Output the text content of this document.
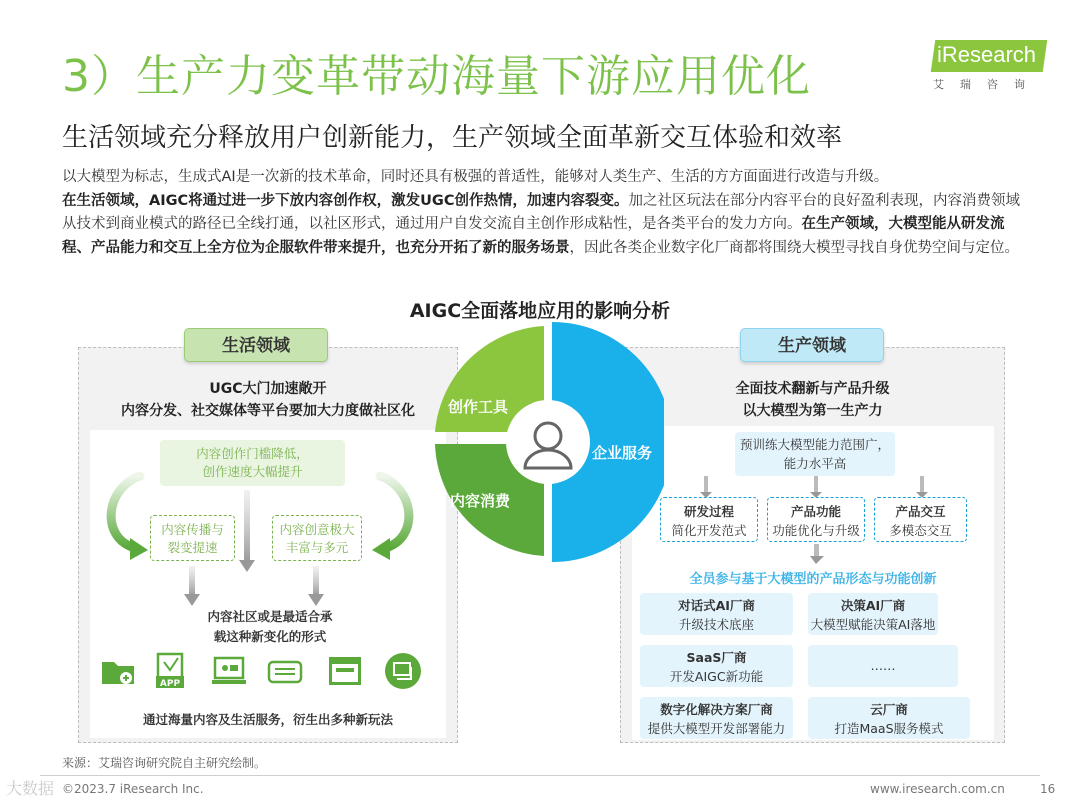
3）生产力变革带动海量下游应用优化
生活领域充分释放用户创新能力，生产领域全面革新交互体验和效率
iResearch
艾瑞咨询
以大模型为标志，生成式AI是一次新的技术革命，同时还具有极强的普适性，能够对人类生产、生活的方方面面进行改造与升级。
在生活领域，AIGC将通过进一步下放内容创作权，激发UGC创作热情，加速内容裂变。加之社区玩法在部分内容平台的良好盈利表现，内容消费领域从技术到商业模式的路径已全线打通，以社区形式，通过用户自发交流自主创作形成粘性，是各类平台的发力方向。在生产领域，大模型能从研发流程、产品能力和交互上全方位为企服软件带来提升，也充分开拓了新的服务场景，因此各类企业数字化厂商都将围绕大模型寻找自身优势空间与定位。
AIGC全面落地应用的影响分析
生活领域	生产领域
UGC大门加速敞开
内容分发、社交媒体等平台要加大力度做社区化
全面技术翻新与产品升级
以大模型为第一生产力
内容创作门槛降低，
创作速度大幅提升
内容传播与
裂变提速
内容创意极大
丰富与多元
内容社区或是最适合承
载这种新变化的形式
APP
通过海量内容及生活服务，衍生出多种新玩法
创作工具
内容消费
企业服务	预训练大模型能力范围广，
能力水平高
研发过程
简化开发范式
产品功能
功能优化与升级
产品交互
多模态交互
全员参与基于大模型的产品形态与功能创新
对话式AI厂商
升级技术底座
决策AI厂商
大模型赋能决策AI落地
SaaS厂商
开发AIGC新功能
……
数字化解决方案厂商
提供大模型开发部署能力
云厂商
打造MaaS服务模式
来源：艾瑞咨询研究院自主研究绘制。
©2023.7 iResearch Inc.	www.iresearch.com.cn	16
大数据
